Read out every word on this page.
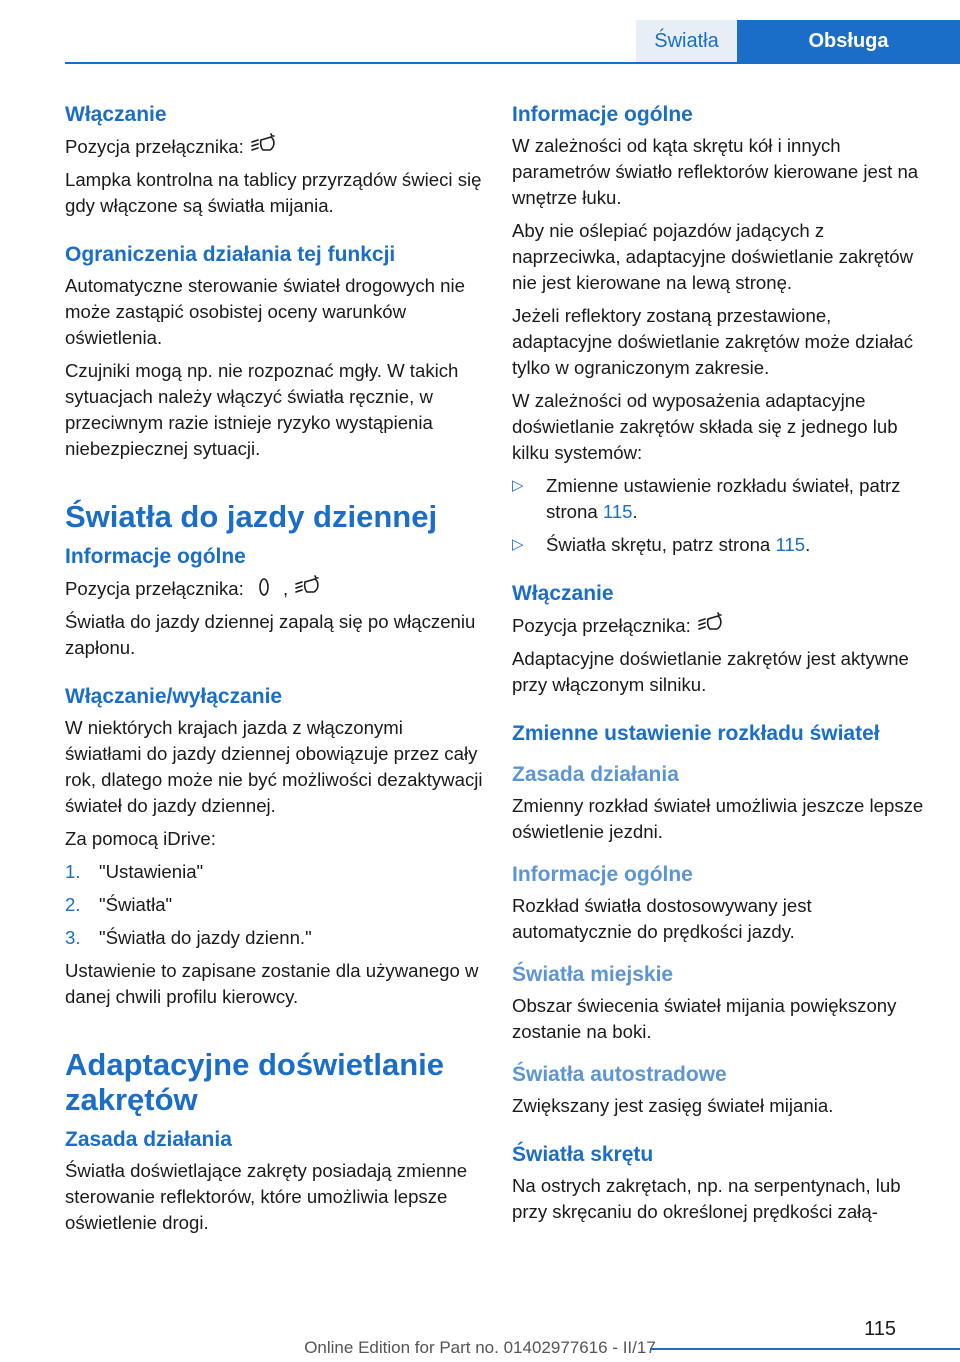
Światła	Obsługa
Włączanie

Pozycja przełącznika:

Lampka kontrolna na tablicy przyrządów świeci się gdy włączone są światła mijania.

Ograniczenia działania tej funkcji

Automatyczne sterowanie świateł drogowych nie może zastąpić osobistej oceny warunków oświetlenia.

Czujniki mogą np. nie rozpoznać mgły. W takich sytuacjach należy włączyć światła ręcznie, w przeciwnym razie istnieje ryzyko wystąpienia niebezpiecznej sytuacji.

Światła do jazdy dziennej
Informacje ogólne

Pozycja przełącznika: ,

Światła do jazdy dziennej zapalą się po włączeniu zapłonu.

Włączanie/wyłączanie

W niektórych krajach jazda z włączonymi światłami do jazdy dziennej obowiązuje przez cały rok, dlatego może nie być możliwości dezaktywacji świateł do jazdy dziennej.

Za pomocą iDrive:

1. "Ustawienia"
2. "Światła"
3. "Światła do jazdy dzienn."

Ustawienie to zapisane zostanie dla używanego w danej chwili profilu kierowcy.

Adaptacyjne doświetlanie zakrętów
Zasada działania

Światła doświetlające zakręty posiadają zmienne sterowanie reflektorów, które umożliwia lepsze oświetlenie drogi.

Informacje ogólne

W zależności od kąta skrętu kół i innych parametrów światło reflektorów kierowane jest na wnętrze łuku.

Aby nie oślepiać pojazdów jadących z naprzeciwka, adaptacyjne doświetlanie zakrętów nie jest kierowane na lewą stronę.

Jeżeli reflektory zostaną przestawione, adaptacyjne doświetlanie zakrętów może działać tylko w ograniczonym zakresie.

W zależności od wyposażenia adaptacyjne doświetlanie zakrętów składa się z jednego lub kilku systemów:

▷	Zmienne ustawienie rozkładu świateł, patrz strona 115.
▷	Światła skrętu, patrz strona 115.
Włączanie

Pozycja przełącznika:

Adaptacyjne doświetlanie zakrętów jest aktywne przy włączonym silniku.

Zmienne ustawienie rozkładu świateł
Zasada działania

Zmienny rozkład świateł umożliwia jeszcze lepsze oświetlenie jezdni.

Informacje ogólne

Rozkład światła dostosowywany jest automatycznie do prędkości jazdy.

Światła miejskie

Obszar świecenia świateł mijania powiększony zostanie na boki.

Światła autostradowe

Zwiększany jest zasięg świateł mijania.

Światła skrętu

Na ostrych zakrętach, np. na serpentynach, lub przy skręcaniu do określonej prędkości załą-

115
Online Edition for Part no. 01402977616 - II/17
